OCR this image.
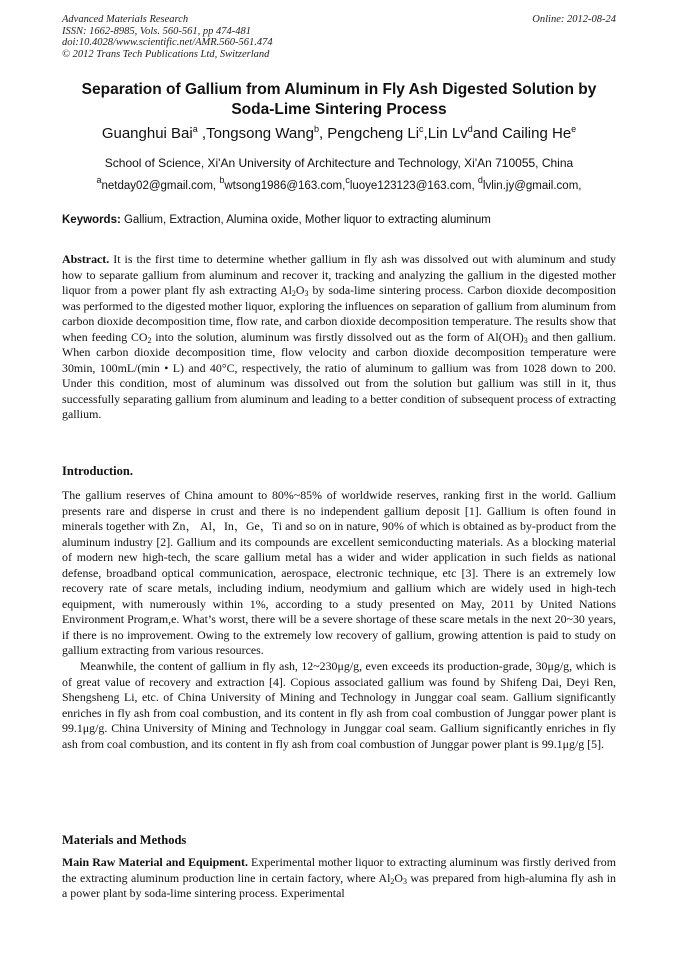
Advanced Materials Research
ISSN: 1662-8985, Vols. 560-561, pp 474-481
doi:10.4028/www.scientific.net/AMR.560-561.474
© 2012 Trans Tech Publications Ltd, Switzerland
Online: 2012-08-24
Separation of Gallium from Aluminum in Fly Ash Digested Solution by Soda-Lime Sintering Process
Guanghui Bai$^a$ ,Tongsong Wang$^b$, Pengcheng Li$^c$,Lin Lv$^d$and Cailing He$^e$
School of Science, Xi'An University of Architecture and Technology, Xi'An 710055, China
$^a$netday02@gmail.com, $^b$wtsong1986@163.com,$^c$luoye123123@163.com, $^d$lvlin.jy@gmail.com,
Keywords: Gallium, Extraction, Alumina oxide, Mother liquor to extracting aluminum

Abstract. It is the first time to determine whether gallium in fly ash was dissolved out with aluminum and study how to separate gallium from aluminum and recover it, tracking and analyzing the gallium in the digested mother liquor from a power plant fly ash extracting $Al_2O_3$ by soda-lime sintering process. Carbon dioxide decomposition was performed to the digested mother liquor, exploring the influences on separation of gallium from aluminum from carbon dioxide decomposition time, flow rate, and carbon dioxide decomposition temperature. The results show that when feeding $CO_2$ into the solution, aluminum was firstly dissolved out as the form of $Al(OH)_3$ and then gallium. When carbon dioxide decomposition time, flow velocity and carbon dioxide decomposition temperature were 30min, 100mL/(min • L) and 40°C, respectively, the ratio of aluminum to gallium was from 1028 down to 200. Under this condition, most of aluminum was dissolved out from the solution but gallium was still in it, thus successfully separating gallium from aluminum and leading to a better condition of subsequent process of extracting gallium.

Introduction.

The gallium reserves of China amount to 80%~85% of worldwide reserves, ranking first in the world. Gallium presents rare and disperse in crust and there is no independent gallium deposit [1]. Gallium is often found in minerals together with Zn， Al，In，Ge，Ti and so on in nature, 90% of which is obtained as by-product from the aluminum industry [2]. Gallium and its compounds are excellent semiconducting materials. As a blocking material of modern new high-tech, the scare gallium metal has a wider and wider application in such fields as national defense, broadband optical communication, aerospace, electronic technique, etc [3]. There is an extremely low recovery rate of scare metals, including indium, neodymium and gallium which are widely used in high-tech equipment, with numerously within 1%, according to a study presented on May, 2011 by United Nations Environment Program,e. What’s worst, there will be a severe shortage of these scare metals in the next 20~30 years, if there is no improvement. Owing to the extremely low recovery of gallium, growing attention is paid to study on gallium extracting from various resources.

Meanwhile, the content of gallium in fly ash, 12~230μg/g, even exceeds its production-grade, 30μg/g, which is of great value of recovery and extraction [4]. Copious associated gallium was found by Shifeng Dai, Deyi Ren, Shengsheng Li, etc. of China University of Mining and Technology in Junggar coal seam. Gallium significantly enriches in fly ash from coal combustion, and its content in fly ash from coal combustion of Junggar power plant is 99.1μg/g. China University of Mining and Technology in Junggar coal seam. Gallium significantly enriches in fly ash from coal combustion, and its content in fly ash from coal combustion of Junggar power plant is 99.1μg/g [5].

Materials and Methods

Main Raw Material and Equipment. Experimental mother liquor to extracting aluminum was firstly derived from the extracting aluminum production line in certain factory, where $Al_2O_3$ was prepared from high-alumina fly ash in a power plant by soda-lime sintering process. Experimental
